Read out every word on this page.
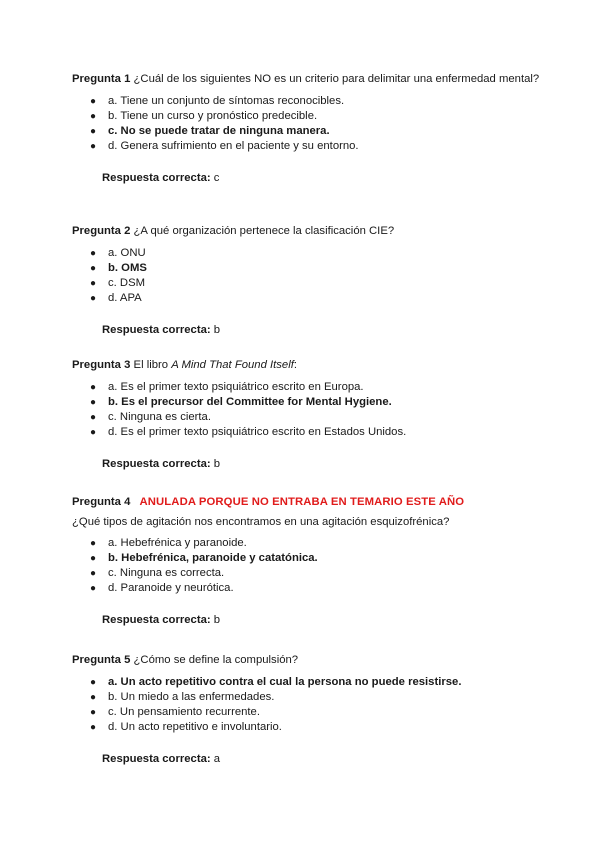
Pregunta 1 ¿Cuál de los siguientes NO es un criterio para delimitar una enfermedad mental?

● a. Tiene un conjunto de síntomas reconocibles.
● b. Tiene un curso y pronóstico predecible.
● c. No se puede tratar de ninguna manera.
● d. Genera sufrimiento en el paciente y su entorno.

Respuesta correcta: c

Pregunta 2 ¿A qué organización pertenece la clasificación CIE?

● a. ONU
● b. OMS
● c. DSM
● d. APA

Respuesta correcta: b

Pregunta 3 El libro A Mind That Found Itself:

● a. Es el primer texto psiquiátrico escrito en Europa.
● b. Es el precursor del Committee for Mental Hygiene.
● c. Ninguna es cierta.
● d. Es el primer texto psiquiátrico escrito en Estados Unidos.

Respuesta correcta: b

Pregunta 4 ANULADA PORQUE NO ENTRABA EN TEMARIO ESTE AÑO

¿Qué tipos de agitación nos encontramos en una agitación esquizofrénica?

● a. Hebefrénica y paranoide.
● b. Hebefrénica, paranoide y catatónica.
● c. Ninguna es correcta.
● d. Paranoide y neurótica.

Respuesta correcta: b

Pregunta 5 ¿Cómo se define la compulsión?

● a. Un acto repetitivo contra el cual la persona no puede resistirse.
● b. Un miedo a las enfermedades.
● c. Un pensamiento recurrente.
● d. Un acto repetitivo e involuntario.

Respuesta correcta: a
